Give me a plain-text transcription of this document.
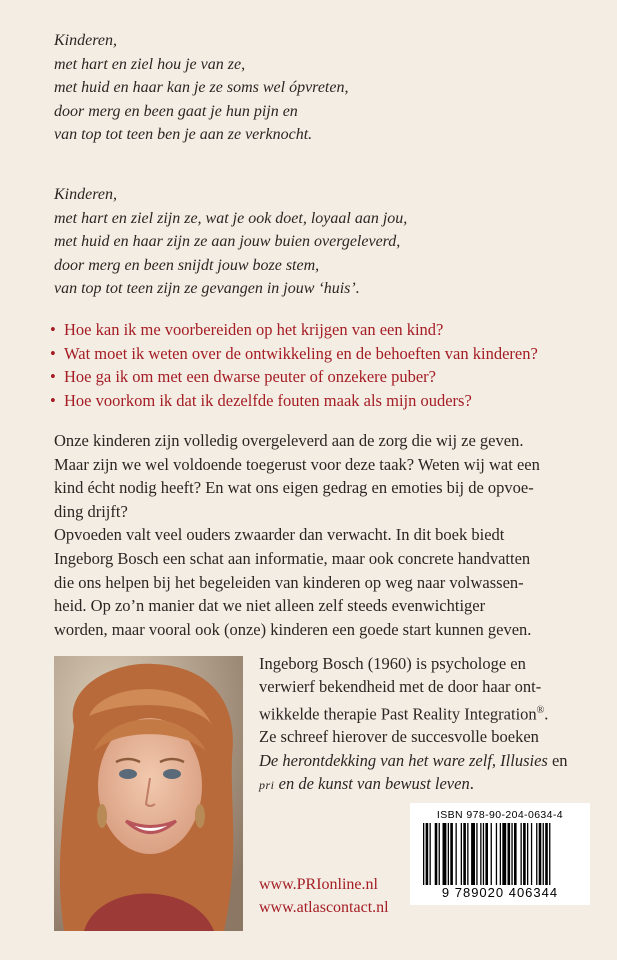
Kinderen,
met hart en ziel hou je van ze,
met huid en haar kan je ze soms wel ópvreten,
door merg en been gaat je hun pijn en
van top tot teen ben je aan ze verknocht.
Kinderen,
met hart en ziel zijn ze, wat je ook doet, loyaal aan jou,
met huid en haar zijn ze aan jouw buien overgeleverd,
door merg en been snijdt jouw boze stem,
van top tot teen zijn ze gevangen in jouw ‘huis’.
• Hoe kan ik me voorbereiden op het krijgen van een kind?
• Wat moet ik weten over de ontwikkeling en de behoeften van kinderen?
• Hoe ga ik om met een dwarse peuter of onzekere puber?
• Hoe voorkom ik dat ik dezelfde fouten maak als mijn ouders?
Onze kinderen zijn volledig overgeleverd aan de zorg die wij ze geven.
Maar zijn we wel voldoende toegerust voor deze taak? Weten wij wat een
kind écht nodig heeft? En wat ons eigen gedrag en emoties bij de opvoe-
ding drijft?
Opvoeden valt veel ouders zwaarder dan verwacht. In dit boek biedt
Ingeborg Bosch een schat aan informatie, maar ook concrete handvatten
die ons helpen bij het begeleiden van kinderen op weg naar volwassen-
heid. Op zo’n manier dat we niet alleen zelf steeds evenwichtiger
worden, maar vooral ook (onze) kinderen een goede start kunnen geven.
Ingeborg Bosch (1960) is psychologe en
verwierf bekendheid met de door haar ont-
wikkelde therapie Past Reality Integration®.
Ze schreef hierover de succesvolle boeken
De herontdekking van het ware zelf, Illusies en
pri en de kunst van bewust leven.
ISBN 978-90-204-0634-4
9 789020 406344
www.PRIonline.nl
www.atlascontact.nl
